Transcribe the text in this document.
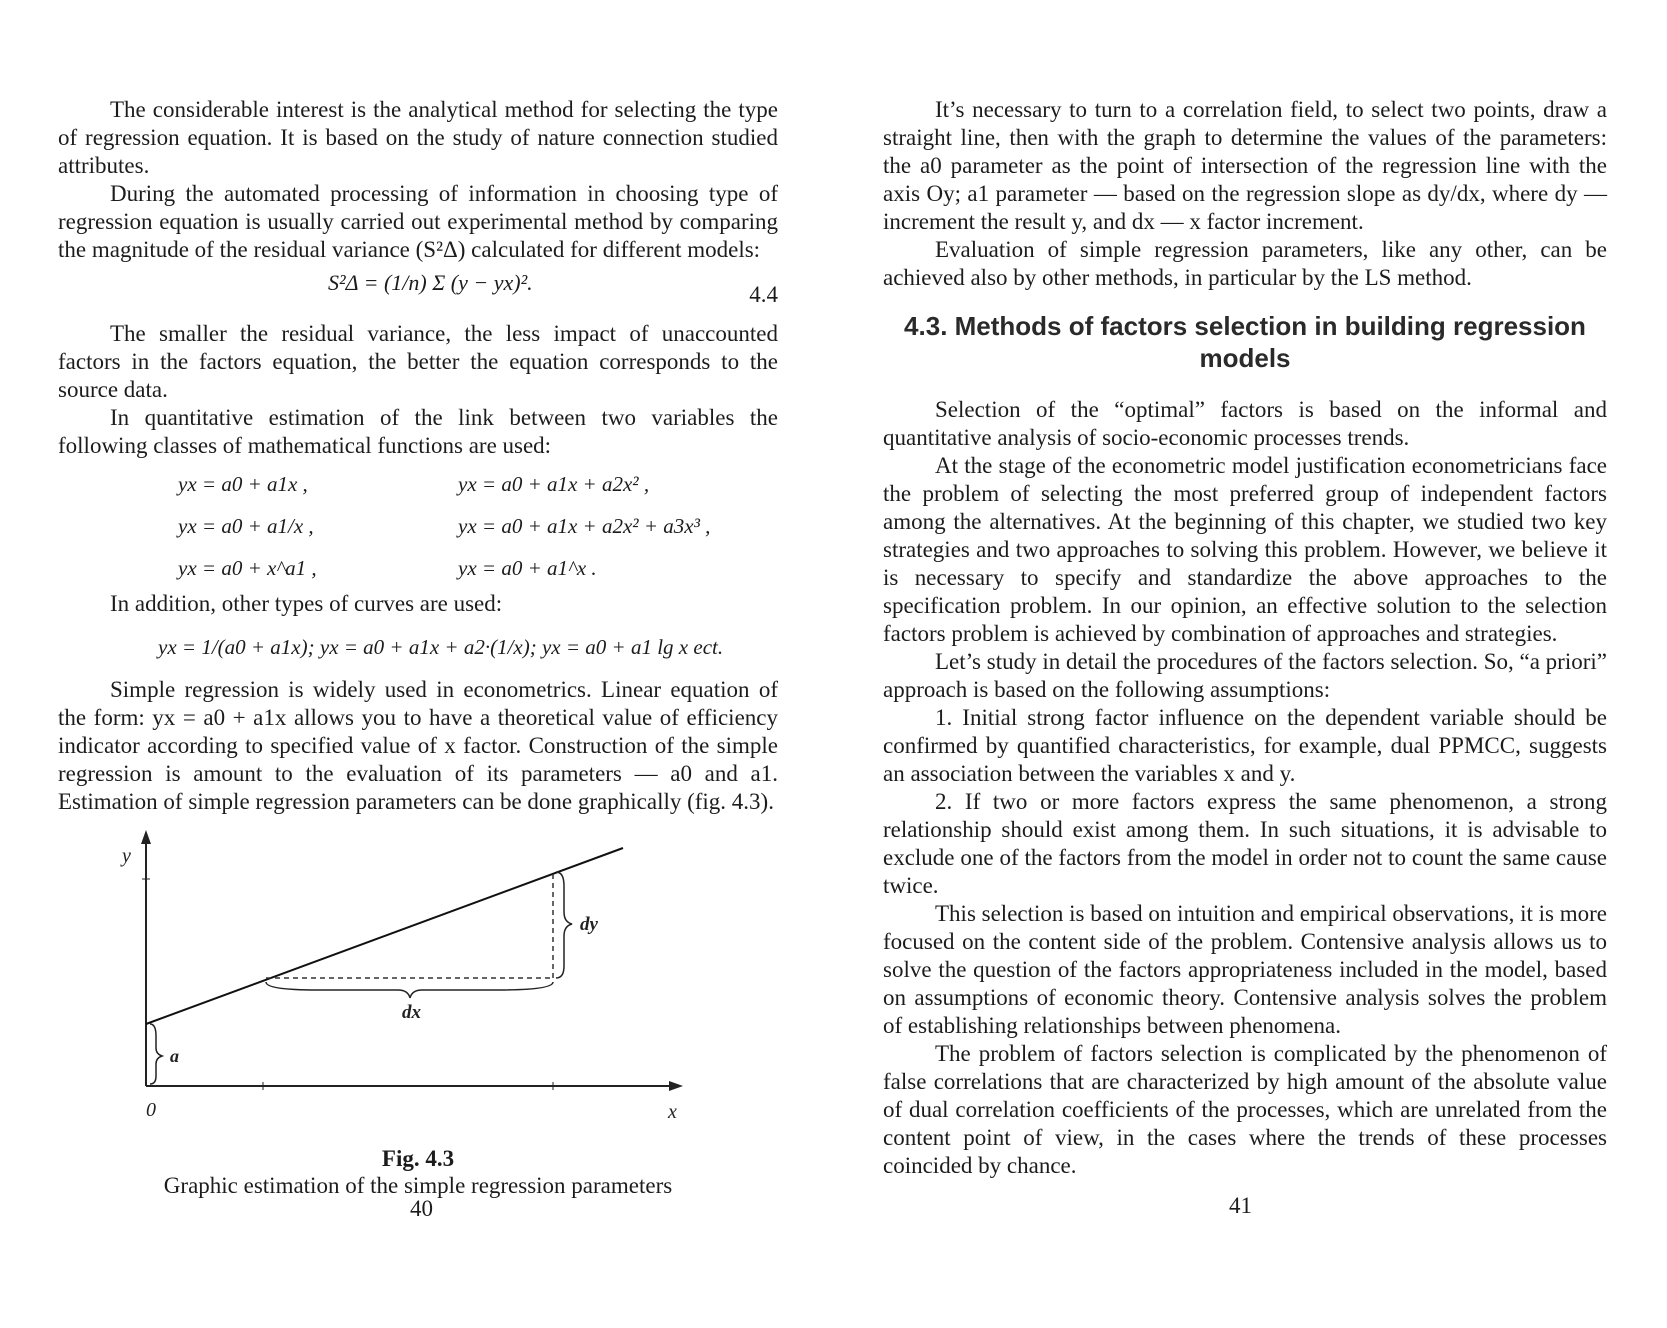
The considerable interest is the analytical method for selecting the type of regression equation. It is based on the study of nature connection studied attributes.

During the automated processing of information in choosing type of regression equation is usually carried out experimental method by comparing the magnitude of the residual variance (S²Δ) calculated for different models:

S²Δ = (1/n) Σ (y − yx)².	4.4

The smaller the residual variance, the less impact of unaccounted factors in the factors equation, the better the equation corresponds to the source data.

In quantitative estimation of the link between two variables the following classes of mathematical functions are used:

yx = a0 + a1x ,	yx = a0 + a1x + a2x² ,
yx = a0 + a1/x ,	yx = a0 + a1x + a2x² + a3x³ ,
yx = a0 + x^a1 ,	yx = a0 + a1^x .

In addition, other types of curves are used:

yx = 1/(a0 + a1x); yx = a0 + a1x + a2·(1/x); yx = a0 + a1 lg x ect.

Simple regression is widely used in econometrics. Linear equation of the form: yx = a0 + a1x allows you to have a theoretical value of efficiency indicator according to specified value of x factor. Construction of the simple regression is amount to the evaluation of its parameters — a0 and a1. Estimation of simple regression parameters can be done graphically (fig. 4.3).

y
x
0
a
dx
dy
Fig. 4.3
Graphic estimation of the simple regression parameters
40

It’s necessary to turn to a correlation field, to select two points, draw a straight line, then with the graph to determine the values of the parameters: the a0 parameter as the point of intersection of the regression line with the axis Oy; a1 parameter — based on the regression slope as dy/dx, where dy — increment the result y, and dx — x factor increment.

Evaluation of simple regression parameters, like any other, can be achieved also by other methods, in particular by the LS method.

4.3. Methods of factors selection in building regression models

Selection of the “optimal” factors is based on the informal and quantitative analysis of socio-economic processes trends.

At the stage of the econometric model justification econometricians face the problem of selecting the most preferred group of independent factors among the alternatives. At the beginning of this chapter, we studied two key strategies and two approaches to solving this problem. However, we believe it is necessary to specify and standardize the above approaches to the specification problem. In our opinion, an effective solution to the selection factors problem is achieved by combination of approaches and strategies.

Let’s study in detail the procedures of the factors selection. So, “a priori” approach is based on the following assumptions:

1. Initial strong factor influence on the dependent variable should be confirmed by quantified characteristics, for example, dual PPMCC, suggests an association between the variables x and y.

2. If two or more factors express the same phenomenon, a strong relationship should exist among them. In such situations, it is advisable to exclude one of the factors from the model in order not to count the same cause twice.

This selection is based on intuition and empirical observations, it is more focused on the content side of the problem. Contensive analysis allows us to solve the question of the factors appropriateness included in the model, based on assumptions of economic theory. Contensive analysis solves the problem of establishing relationships between phenomena.

The problem of factors selection is complicated by the phenomenon of false correlations that are characterized by high amount of the absolute value of dual correlation coefficients of the processes, which are unrelated from the content point of view, in the cases where the trends of these processes coincided by chance.

41
